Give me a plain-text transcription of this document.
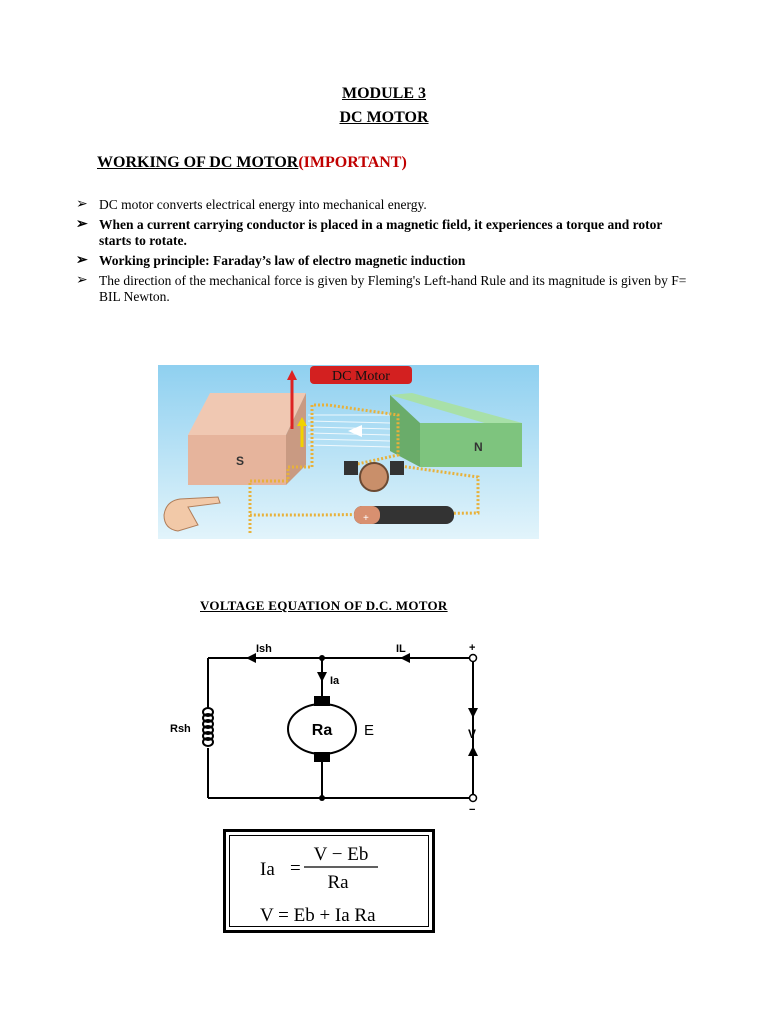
MODULE 3
DC MOTOR
WORKING OF DC MOTOR(IMPORTANT)
➢ DC motor converts electrical energy into mechanical energy.
➢ When a current carrying conductor is placed in a magnetic field, it experiences a torque and rotor starts to rotate.
➢ Working principle: Faraday’s law of electro magnetic induction
➢ The direction of the mechanical force is given by Fleming's Left-hand Rule and its magnitude is given by F= BIL Newton.
S
N
+
DC Motor
VOLTAGE EQUATION OF D.C. MOTOR
Ish	IL
Ia
Rsh	Ra E	V
+
−
Ia =
V − Eb
Ra
V = Eb + Ia Ra
